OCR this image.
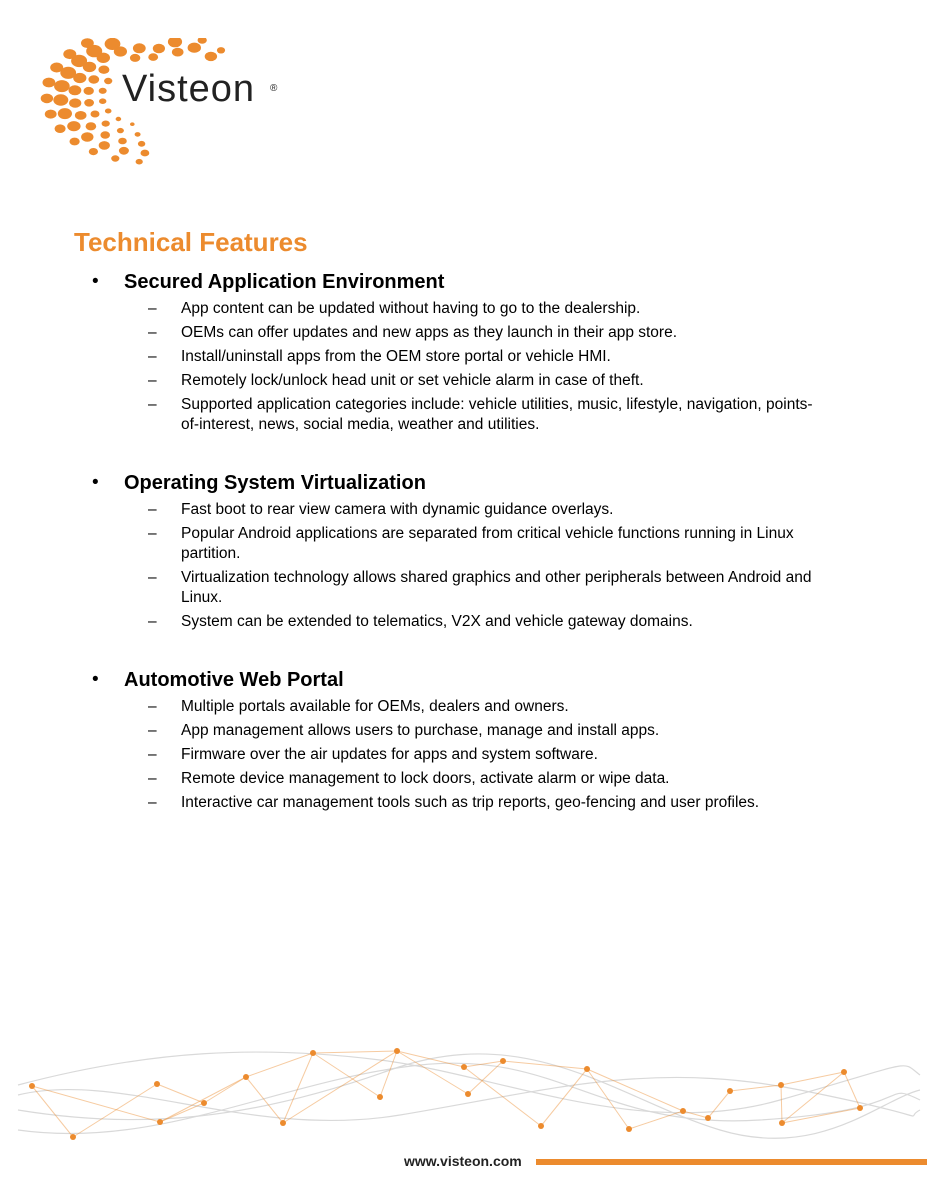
Visteon ®
Technical Features
• Secured Application Environment
– App content can be updated without having to go to the dealership.
– OEMs can offer updates and new apps as they launch in their app store.
– Install/uninstall apps from the OEM store portal or vehicle HMI.
– Remotely lock/unlock head unit or set vehicle alarm in case of theft.
– Supported application categories include: vehicle utilities, music, lifestyle, navigation, points-of-interest, news, social media, weather and utilities.
• Operating System Virtualization
– Fast boot to rear view camera with dynamic guidance overlays.
– Popular Android applications are separated from critical vehicle functions running in Linux partition.
– Virtualization technology allows shared graphics and other peripherals between Android and Linux.
– System can be extended to telematics, V2X and vehicle gateway domains.
• Automotive Web Portal
– Multiple portals available for OEMs, dealers and owners.
– App management allows users to purchase, manage and install apps.
– Firmware over the air updates for apps and system software.
– Remote device management to lock doors, activate alarm or wipe data.
– Interactive car management tools such as trip reports, geo-fencing and user profiles.
www.visteon.com
